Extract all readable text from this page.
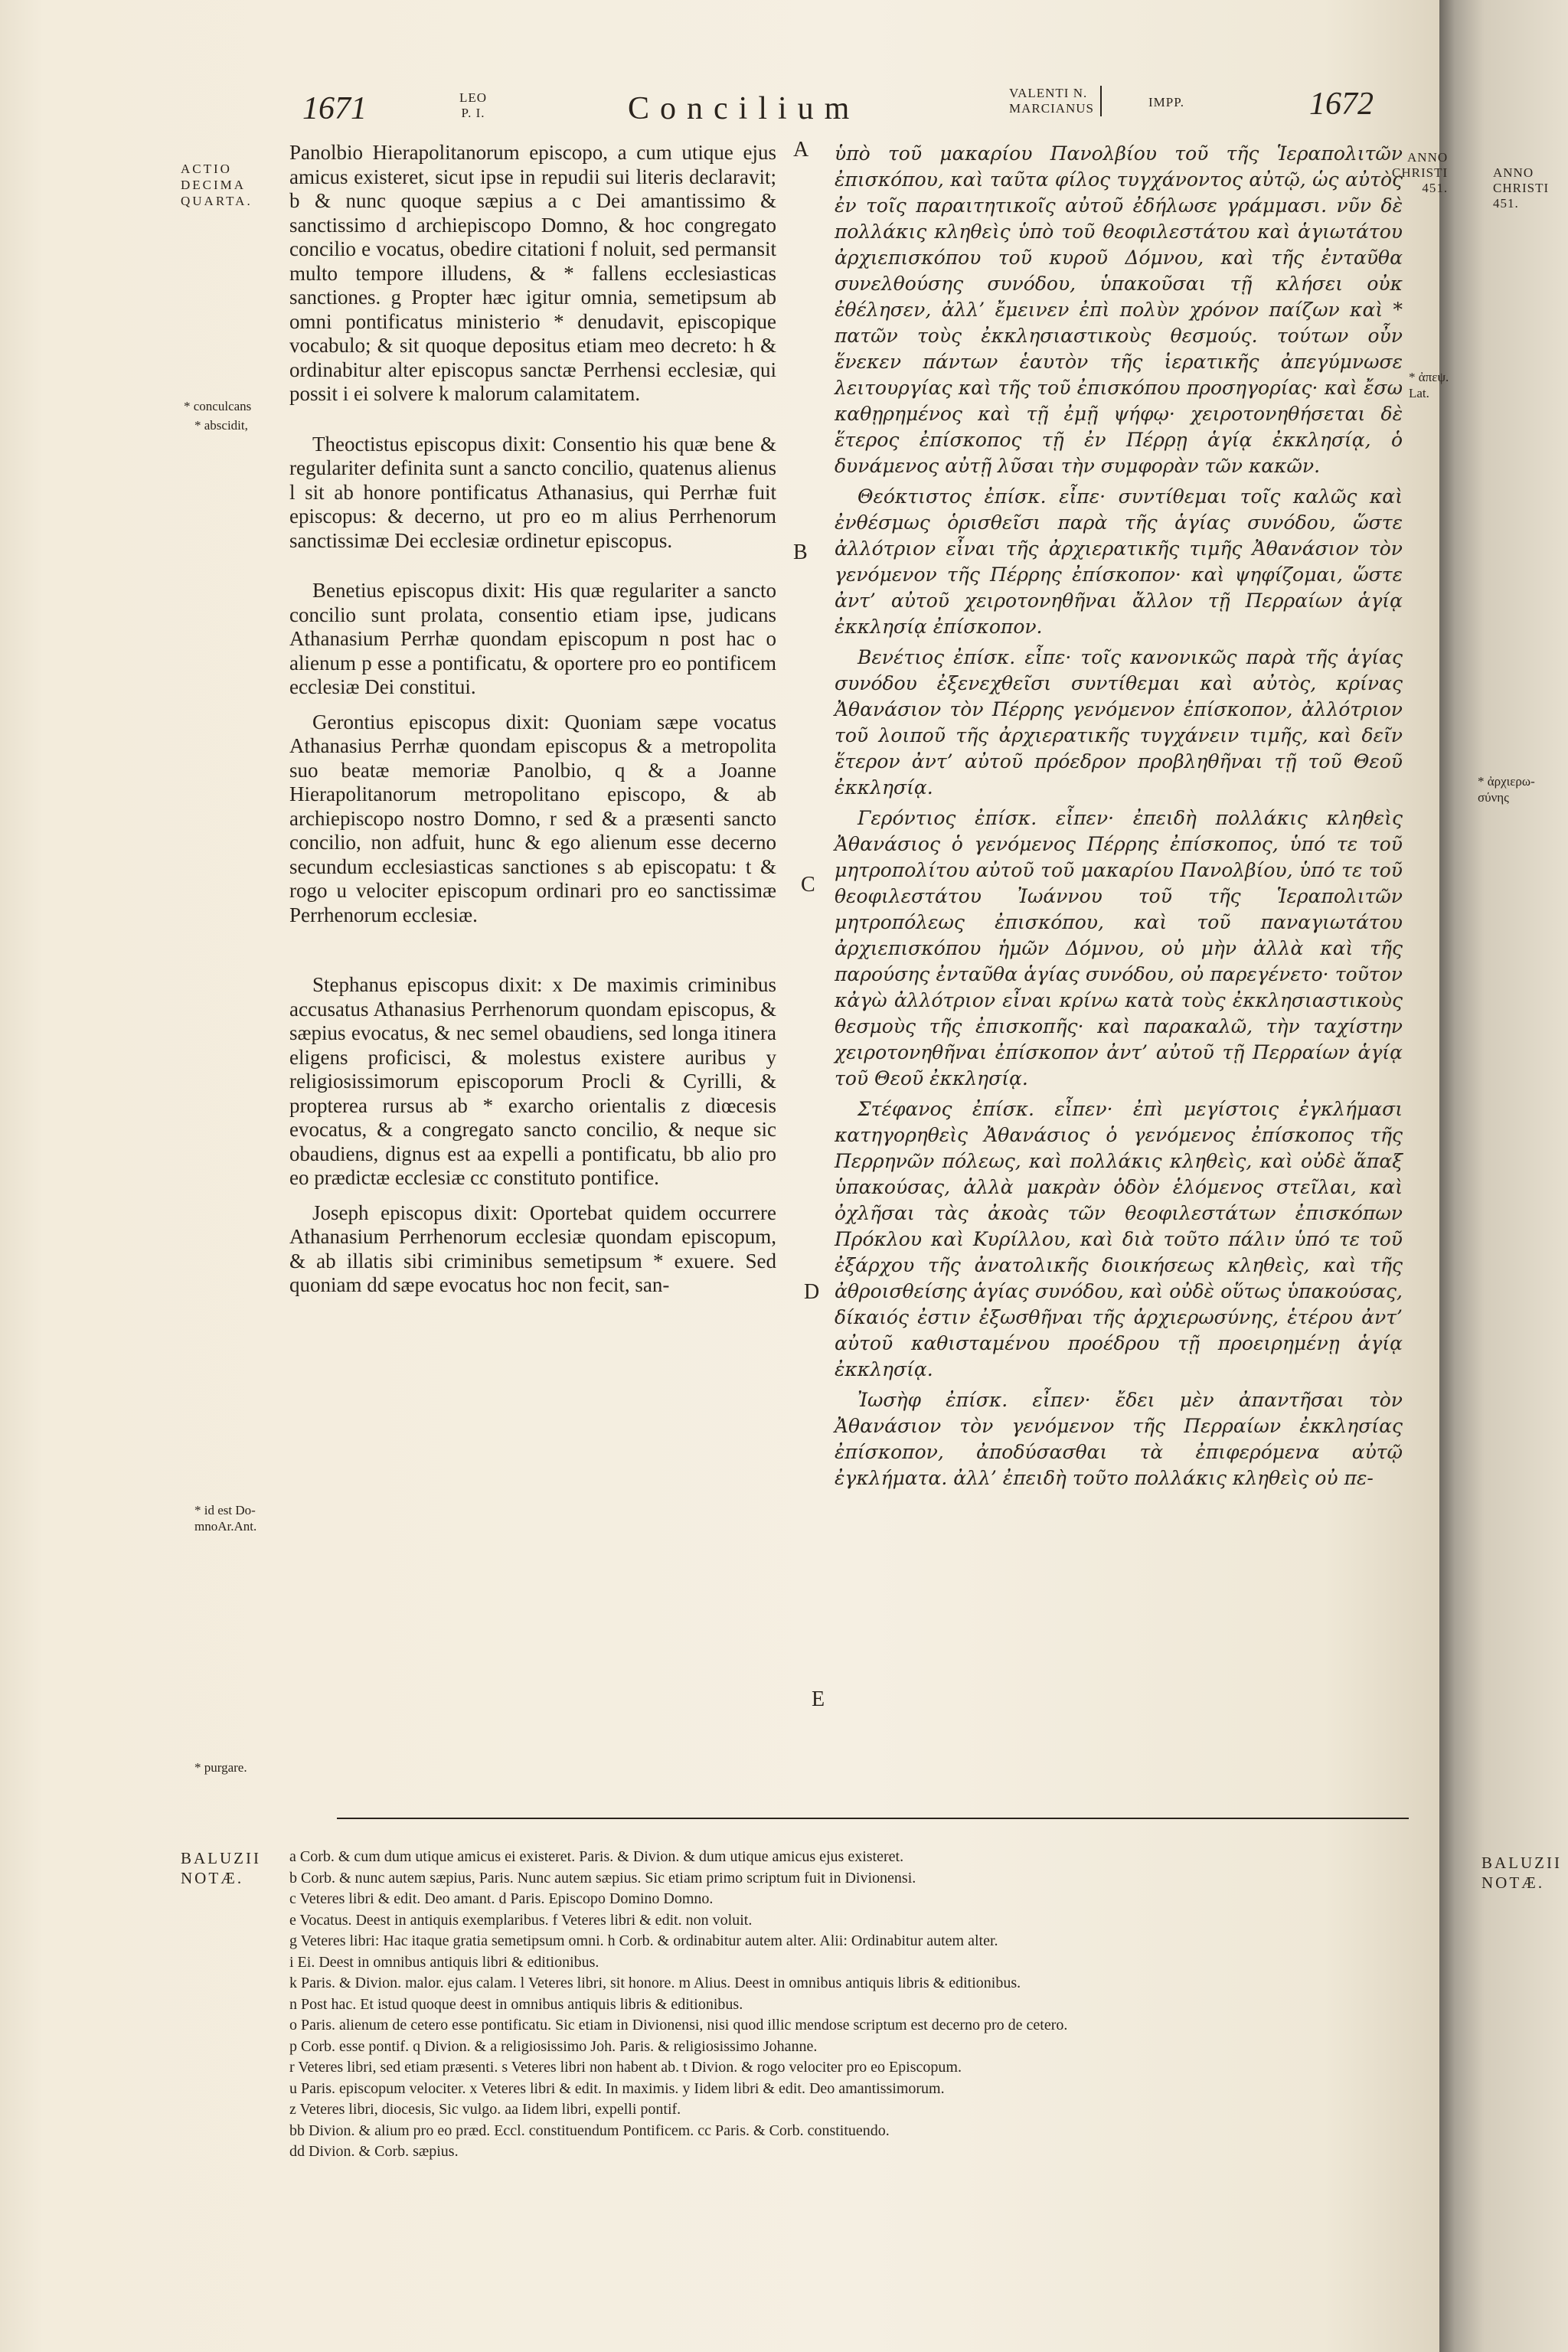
1671	LEO
P. I.	Concilium	VALENTI N.
MARCIANUS	IMPP.	1672
ANNO
CHRISTI
451.
ANNO
CHRISTI
451.
ACTIO
DECIMA
QUARTA.
* conculcans
* abscidit,
* id est Do-
mnoAr.Ant.
* purgare.
* ἀπεψ.
Lat.
* ἀρχιερω-
σύνης
A
B
C
D
E

Panolbio Hierapolitanorum episcopo, a cum utique ejus amicus existeret, sicut ipse in repudii sui literis declaravit; b & nunc quoque sæpius a c Dei amantissimo & sanctissimo d archiepiscopo Domno, & hoc congregato concilio e vocatus, obedire citationi f noluit, sed permansit multo tempore illudens, & * fallens ecclesiasticas sanctiones. g Propter hæc igitur omnia, semetipsum ab omni pontificatus ministerio * denudavit, episcopique vocabulo; & sit quoque depositus etiam meo decreto: h & ordinabitur alter episcopus sanctæ Perrhensi ecclesiæ, qui possit i ei solvere k malorum calamitatem.

Theoctistus episcopus dixit: Consentio his quæ bene & regulariter definita sunt a sancto concilio, quatenus alienus l sit ab honore pontificatus Athanasius, qui Perrhæ fuit episcopus: & decerno, ut pro eo m alius Perrhenorum sanctissimæ Dei ecclesiæ ordinetur episcopus.

Benetius episcopus dixit: His quæ regulariter a sancto concilio sunt prolata, consentio etiam ipse, judicans Athanasium Perrhæ quondam episcopum n post hac o alienum p esse a pontificatu, & oportere pro eo pontificem ecclesiæ Dei constitui.

Gerontius episcopus dixit: Quoniam sæpe vocatus Athanasius Perrhæ quondam episcopus & a metropolita suo beatæ memoriæ Panolbio, q & a Joanne Hierapolitanorum metropolitano episcopo, & ab archiepiscopo nostro Domno, r sed & a præsenti sancto concilio, non adfuit, hunc & ego alienum esse decerno secundum ecclesiasticas sanctiones s ab episcopatu: t & rogo u velociter episcopum ordinari pro eo sanctissimæ Perrhenorum ecclesiæ.

Stephanus episcopus dixit: x De maximis criminibus accusatus Athanasius Perrhenorum quondam episcopus, & sæpius evocatus, & nec semel obaudiens, sed longa itinera eligens proficisci, & molestus existere auribus y religiosissimorum episcoporum Procli & Cyrilli, & propterea rursus ab * exarcho orientalis z diœcesis evocatus, & a congregato sancto concilio, & neque sic obaudiens, dignus est aa expelli a pontificatu, bb alio pro eo prædictæ ecclesiæ cc constituto pontifice.

Joseph episcopus dixit: Oportebat quidem occurrere Athanasium Perrhenorum ecclesiæ quondam episcopum, & ab illatis sibi criminibus semetipsum * exuere. Sed quoniam dd sæpe evocatus hoc non fecit, san-

ὑπὸ τοῦ μακαρίου Πανολβίου τοῦ τῆς Ἱεραπολιτῶν ἐπισκόπου, καὶ ταῦτα φίλος τυγχάνοντος αὐτῷ, ὡς αὐτὸς ἐν τοῖς παραιτητικοῖς αὐτοῦ ἐδήλωσε γράμμασι. νῦν δὲ πολλάκις κληθεὶς ὑπὸ τοῦ θεοφιλεστάτου καὶ ἁγιωτάτου ἀρχιεπισκόπου τοῦ κυροῦ Δόμνου, καὶ τῆς ἐνταῦθα συνελθούσης συνόδου, ὑπακοῦσαι τῇ κλήσει οὐκ ἐθέλησεν, ἀλλ’ ἔμεινεν ἐπὶ πολὺν χρόνον παίζων καὶ * πατῶν τοὺς ἐκκλησιαστικοὺς θεσμούς. τούτων οὖν ἕνεκεν πάντων ἑαυτὸν τῆς ἱερατικῆς ἀπεγύμνωσε λειτουργίας καὶ τῆς τοῦ ἐπισκόπου προσηγορίας· καὶ ἔσω καθῃρημένος καὶ τῇ ἐμῇ ψήφῳ· χειροτονηθήσεται δὲ ἕτερος ἐπίσκοπος τῇ ἐν Πέρρῃ ἁγίᾳ ἐκκλησίᾳ, ὁ δυνάμενος αὐτῇ λῦσαι τὴν συμφορὰν τῶν κακῶν.

Θεόκτιστος ἐπίσκ. εἶπε· συντίθεμαι τοῖς καλῶς καὶ ἐνθέσμως ὁρισθεῖσι παρὰ τῆς ἁγίας συνόδου, ὥστε ἀλλότριον εἶναι τῆς ἀρχιερατικῆς τιμῆς Ἀθανάσιον τὸν γενόμενον τῆς Πέρρης ἐπίσκοπον· καὶ ψηφίζομαι, ὥστε ἀντ’ αὐτοῦ χειροτονηθῆναι ἄλλον τῇ Περραίων ἁγίᾳ ἐκκλησίᾳ ἐπίσκοπον.

Βενέτιος ἐπίσκ. εἶπε· τοῖς κανονικῶς παρὰ τῆς ἁγίας συνόδου ἐξενεχθεῖσι συντίθεμαι καὶ αὐτὸς, κρίνας Ἀθανάσιον τὸν Πέρρης γενόμενον ἐπίσκοπον, ἀλλότριον τοῦ λοιποῦ τῆς ἀρχιερατικῆς τυγχάνειν τιμῆς, καὶ δεῖν ἕτερον ἀντ’ αὐτοῦ πρόεδρον προβληθῆναι τῇ τοῦ Θεοῦ ἐκκλησίᾳ.

Γερόντιος ἐπίσκ. εἶπεν· ἐπειδὴ πολλάκις κληθεὶς Ἀθανάσιος ὁ γενόμενος Πέρρης ἐπίσκοπος, ὑπό τε τοῦ μητροπολίτου αὐτοῦ τοῦ μακαρίου Πανολβίου, ὑπό τε τοῦ θεοφιλεστάτου Ἰωάννου τοῦ τῆς Ἱεραπολιτῶν μητροπόλεως ἐπισκόπου, καὶ τοῦ παναγιωτάτου ἀρχιεπισκόπου ἡμῶν Δόμνου, οὐ μὴν ἀλλὰ καὶ τῆς παρούσης ἐνταῦθα ἁγίας συνόδου, οὐ παρεγένετο· τοῦτον κἀγὼ ἀλλότριον εἶναι κρίνω κατὰ τοὺς ἐκκλησιαστικοὺς θεσμοὺς τῆς ἐπισκοπῆς· καὶ παρακαλῶ, τὴν ταχίστην χειροτονηθῆναι ἐπίσκοπον ἀντ’ αὐτοῦ τῇ Περραίων ἁγίᾳ τοῦ Θεοῦ ἐκκλησίᾳ.

Στέφανος ἐπίσκ. εἶπεν· ἐπὶ μεγίστοις ἐγκλήμασι κατηγορηθεὶς Ἀθανάσιος ὁ γενόμενος ἐπίσκοπος τῆς Περρηνῶν πόλεως, καὶ πολλάκις κληθεὶς, καὶ οὐδὲ ἅπαξ ὑπακούσας, ἀλλὰ μακρὰν ὁδὸν ἑλόμενος στεῖλαι, καὶ ὀχλῆσαι τὰς ἀκοὰς τῶν θεοφιλεστάτων ἐπισκόπων Πρόκλου καὶ Κυρίλλου, καὶ διὰ τοῦτο πάλιν ὑπό τε τοῦ ἐξάρχου τῆς ἀνατολικῆς διοικήσεως κληθεὶς, καὶ τῆς ἀθροισθείσης ἁγίας συνόδου, καὶ οὐδὲ οὕτως ὑπακούσας, δίκαιός ἐστιν ἐξωσθῆναι τῆς ἀρχιερωσύνης, ἑτέρου ἀντ’ αὐτοῦ καθισταμένου προέδρου τῇ προειρημένῃ ἁγίᾳ ἐκκλησίᾳ.

Ἰωσὴφ ἐπίσκ. εἶπεν· ἔδει μὲν ἀπαντῆσαι τὸν Ἀθανάσιον τὸν γενόμενον τῆς Περραίων ἐκκλησίας ἐπίσκοπον, ἀποδύσασθαι τὰ ἐπιφερόμενα αὐτῷ ἐγκλήματα. ἀλλ’ ἐπειδὴ τοῦτο πολλάκις κληθεὶς οὐ πε-

BALUZII
NOTÆ.
BALUZII
NOTÆ.
a Corb. & cum dum utique amicus ei existeret. Paris. & Divion. & dum utique amicus ejus existeret.
b Corb. & nunc autem sæpius, Paris. Nunc autem sæpius. Sic etiam primo scriptum fuit in Divionensi.
c Veteres libri & edit. Deo amant. d Paris. Episcopo Domino Domno.
e Vocatus. Deest in antiquis exemplaribus. f Veteres libri & edit. non voluit.
g Veteres libri: Hac itaque gratia semetipsum omni. h Corb. & ordinabitur autem alter. Alii: Ordinabitur autem alter.
i Ei. Deest in omnibus antiquis libri & editionibus.
k Paris. & Divion. malor. ejus calam. l Veteres libri, sit honore. m Alius. Deest in omnibus antiquis libris & editionibus.
n Post hac. Et istud quoque deest in omnibus antiquis libris & editionibus.
o Paris. alienum de cetero esse pontificatu. Sic etiam in Divionensi, nisi quod illic mendose scriptum est decerno pro de cetero.
p Corb. esse pontif. q Divion. & a religiosissimo Joh. Paris. & religiosissimo Johanne.
r Veteres libri, sed etiam præsenti. s Veteres libri non habent ab. t Divion. & rogo velociter pro eo Episcopum.
u Paris. episcopum velociter. x Veteres libri & edit. In maximis. y Iidem libri & edit. Deo amantissimorum.
z Veteres libri, diocesis, Sic vulgo. aa Iidem libri, expelli pontif.
bb Divion. & alium pro eo præd. Eccl. constituendum Pontificem. cc Paris. & Corb. constituendo.
dd Divion. & Corb. sæpius.
